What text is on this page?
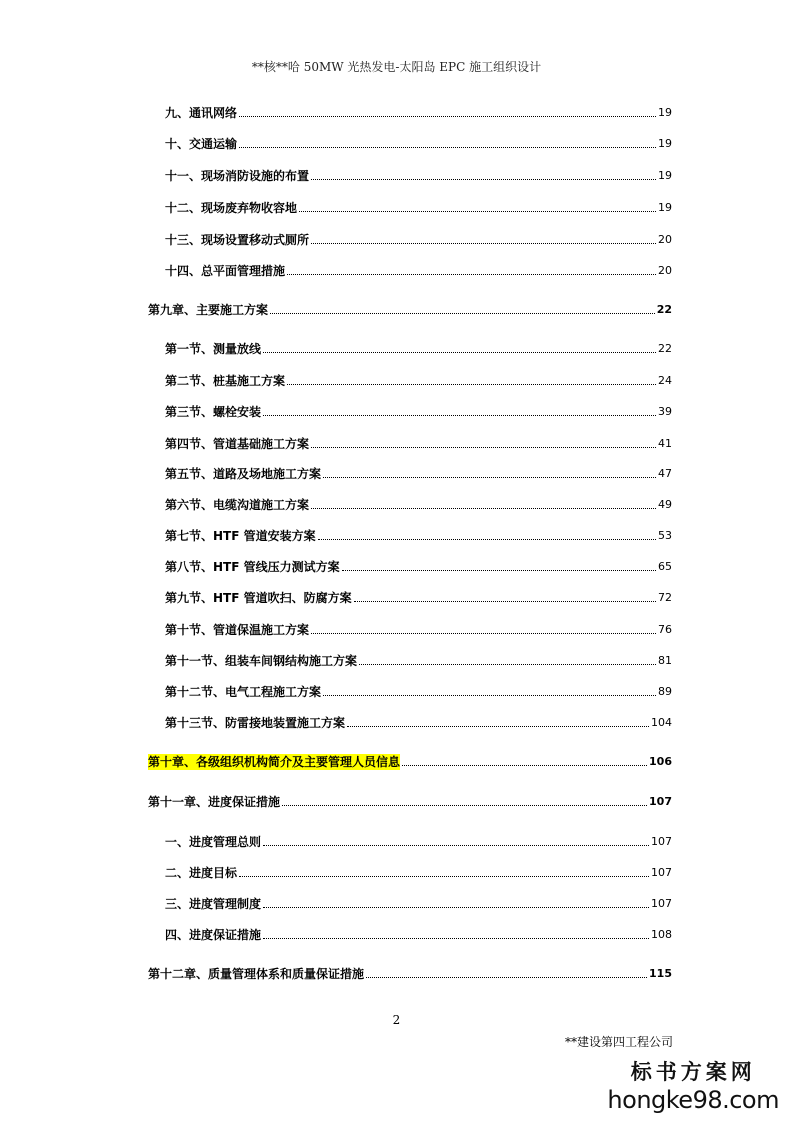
**核**哈 50MW 光热发电-太阳岛 EPC 施工组织设计
九、通讯网络	19
十、交通运输	19
十一、现场消防设施的布置	19
十二、现场废弃物收容地	19
十三、现场设置移动式厕所	20
十四、总平面管理措施	20
第九章、主要施工方案	22
第一节、测量放线	22
第二节、桩基施工方案	24
第三节、螺栓安装	39
第四节、管道基础施工方案	41
第五节、道路及场地施工方案	47
第六节、电缆沟道施工方案	49
第七节、HTF 管道安装方案	53
第八节、HTF 管线压力测试方案	65
第九节、HTF 管道吹扫、防腐方案	72
第十节、管道保温施工方案	76
第十一节、组装车间钢结构施工方案	81
第十二节、电气工程施工方案	89
第十三节、防雷接地装置施工方案	104
第十章、各级组织机构简介及主要管理人员信息	106
第十一章、进度保证措施	107
一、进度管理总则	107
二、进度目标	107
三、进度管理制度	107
四、进度保证措施	108
第十二章、质量管理体系和质量保证措施	115
2
**建设第四工程公司
标书方案网
hongke98.com
